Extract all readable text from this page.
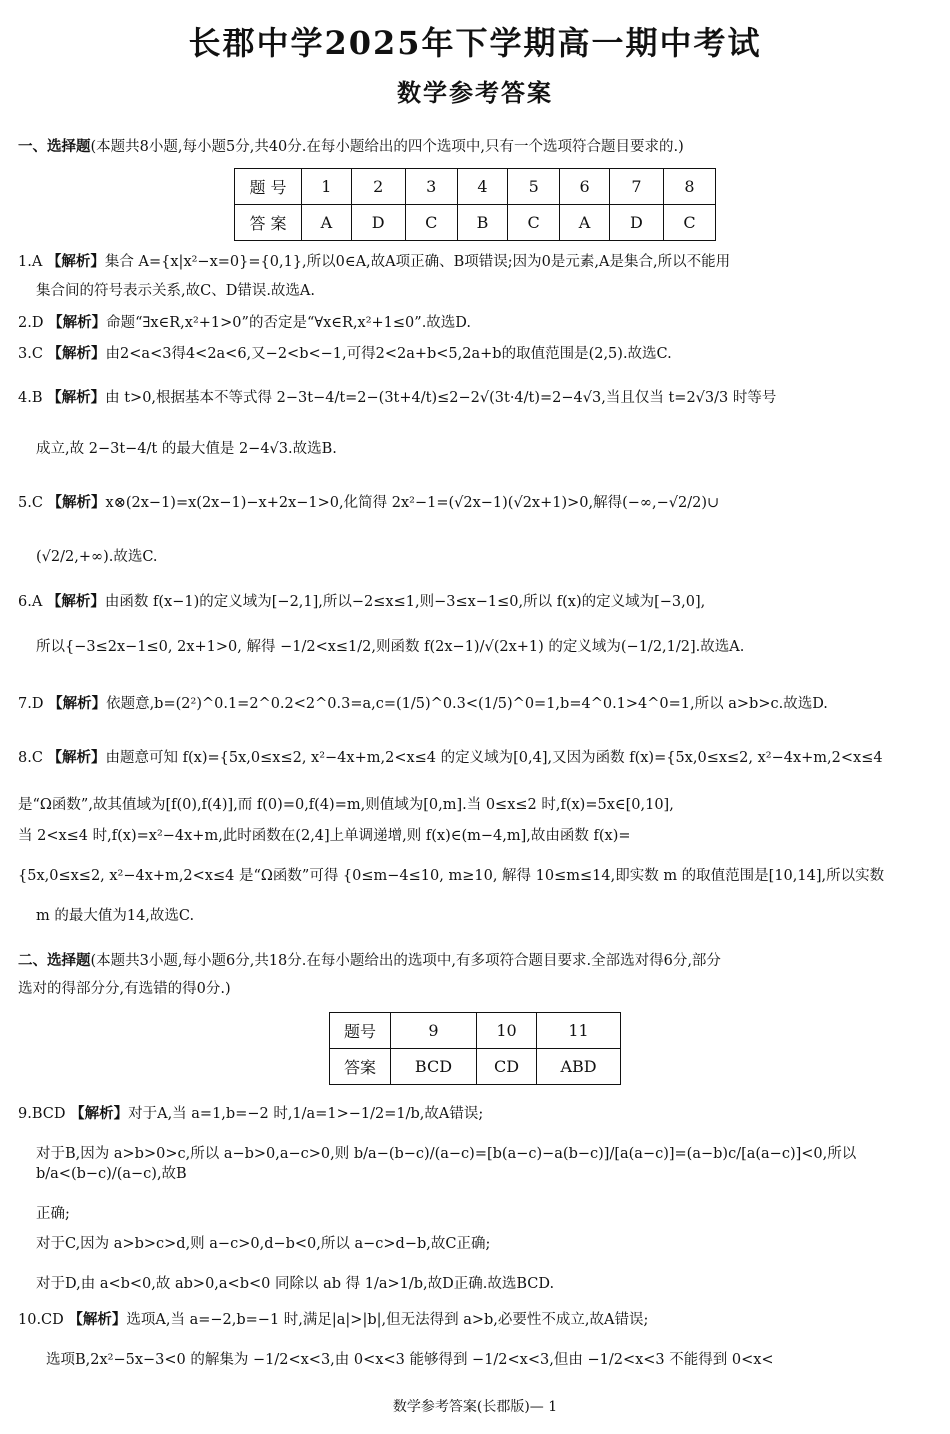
长郡中学2025年下学期高一期中考试
数学参考答案
一、选择题(本题共8小题,每小题5分,共40分.在每小题给出的四个选项中,只有一个选项符合题目要求的.)
题 号	1	2	3	4	5	6	7	8
答 案	A	D	C	B	C	A	D	C
1.A 【解析】集合 A={x|x²−x=0}={0,1},所以0∈A,故A项正确、B项错误;因为0是元素,A是集合,所以不能用
集合间的符号表示关系,故C、D错误.故选A.
2.D 【解析】命题“∃x∈R,x²+1>0”的否定是“∀x∈R,x²+1≤0”.故选D.
3.C 【解析】由2<a<3得4<2a<6,又−2<b<−1,可得2<2a+b<5,2a+b的取值范围是(2,5).故选C.
4.B 【解析】由 t>0,根据基本不等式得 2−3t−4/t=2−(3t+4/t)≤2−2√(3t·4/t)=2−4√3,当且仅当 t=2√3/3 时等号
成立,故 2−3t−4/t 的最大值是 2−4√3.故选B.
5.C 【解析】x⊗(2x−1)=x(2x−1)−x+2x−1>0,化简得 2x²−1=(√2x−1)(√2x+1)>0,解得(−∞,−√2/2)∪
(√2/2,+∞).故选C.
6.A 【解析】由函数 f(x−1)的定义域为[−2,1],所以−2≤x≤1,则−3≤x−1≤0,所以 f(x)的定义域为[−3,0],
所以{−3≤2x−1≤0, 2x+1>0, 解得 −1/2<x≤1/2,则函数 f(2x−1)/√(2x+1) 的定义域为(−1/2,1/2].故选A.
7.D 【解析】依题意,b=(2²)^0.1=2^0.2<2^0.3=a,c=(1/5)^0.3<(1/5)^0=1,b=4^0.1>4^0=1,所以 a>b>c.故选D.
8.C 【解析】由题意可知 f(x)={5x,0≤x≤2, x²−4x+m,2<x≤4 的定义域为[0,4],又因为函数 f(x)={5x,0≤x≤2, x²−4x+m,2<x≤4
是“Ω函数”,故其值域为[f(0),f(4)],而 f(0)=0,f(4)=m,则值域为[0,m].当 0≤x≤2 时,f(x)=5x∈[0,10],
当 2<x≤4 时,f(x)=x²−4x+m,此时函数在(2,4]上单调递增,则 f(x)∈(m−4,m],故由函数 f(x)=
{5x,0≤x≤2, x²−4x+m,2<x≤4 是“Ω函数”可得 {0≤m−4≤10, m≥10, 解得 10≤m≤14,即实数 m 的取值范围是[10,14],所以实数
m 的最大值为14,故选C.
二、选择题(本题共3小题,每小题6分,共18分.在每小题给出的选项中,有多项符合题目要求.全部选对得6分,部分
选对的得部分分,有选错的得0分.)
题号	9	10	11
答案	BCD	CD	ABD
9.BCD 【解析】对于A,当 a=1,b=−2 时,1/a=1>−1/2=1/b,故A错误;
对于B,因为 a>b>0>c,所以 a−b>0,a−c>0,则 b/a−(b−c)/(a−c)=[b(a−c)−a(b−c)]/[a(a−c)]=(a−b)c/[a(a−c)]<0,所以 b/a<(b−c)/(a−c),故B
正确;
对于C,因为 a>b>c>d,则 a−c>0,d−b<0,所以 a−c>d−b,故C正确;
对于D,由 a<b<0,故 ab>0,a<b<0 同除以 ab 得 1/a>1/b,故D正确.故选BCD.
10.CD 【解析】选项A,当 a=−2,b=−1 时,满足|a|>|b|,但无法得到 a>b,必要性不成立,故A错误;
选项B,2x²−5x−3<0 的解集为 −1/2<x<3,由 0<x<3 能够得到 −1/2<x<3,但由 −1/2<x<3 不能得到 0<x<
数学参考答案(长郡版)— 1
